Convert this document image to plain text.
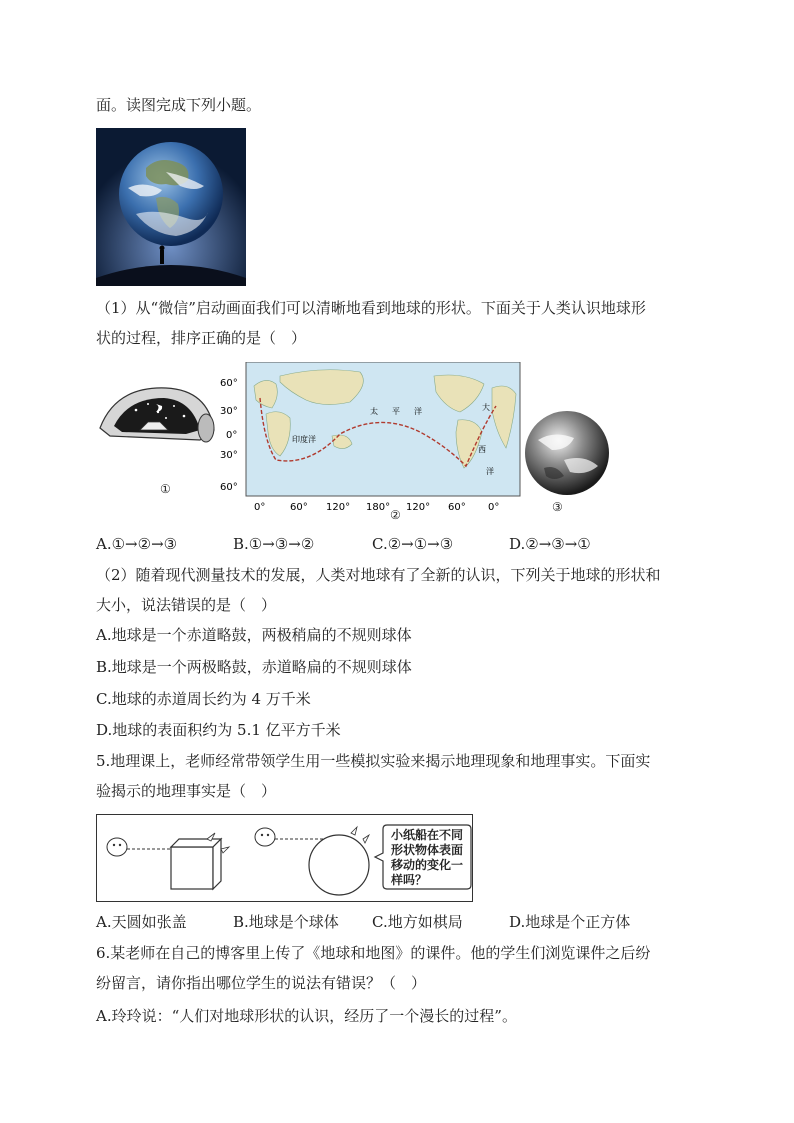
面。读图完成下列小题。
（1）从“微信”启动画面我们可以清晰地看到地球的形状。下面关于人类认识地球形
状的过程，排序正确的是（　）
①
60°
30°
0°
30°
60°
0° 60° 120° 180° 120° 60° 0°
太 平 洋
印度洋
大
西
洋
②
③
A.①→②→③	B.①→③→②	C.②→①→③	D.②→③→①
（2）随着现代测量技术的发展，人类对地球有了全新的认识，下列关于地球的形状和
大小，说法错误的是（　）
A.地球是一个赤道略鼓，两极稍扁的不规则球体
B.地球是一个两极略鼓，赤道略扁的不规则球体
C.地球的赤道周长约为 4 万千米
D.地球的表面积约为 5.1 亿平方千米
5.地理课上，老师经常带领学生用一些模拟实验来揭示地理现象和地理事实。下面实
验揭示的地理事实是（　）
小纸船在不同
形状物体表面
移动的变化一
样吗？
A.天圆如张盖	B.地球是个球体 C.地方如棋局	D.地球是个正方体
6.某老师在自己的博客里上传了《地球和地图》的课件。他的学生们浏览课件之后纷
纷留言，请你指出哪位学生的说法有错误？（　）
A.玲玲说：“人们对地球形状的认识，经历了一个漫长的过程”。
